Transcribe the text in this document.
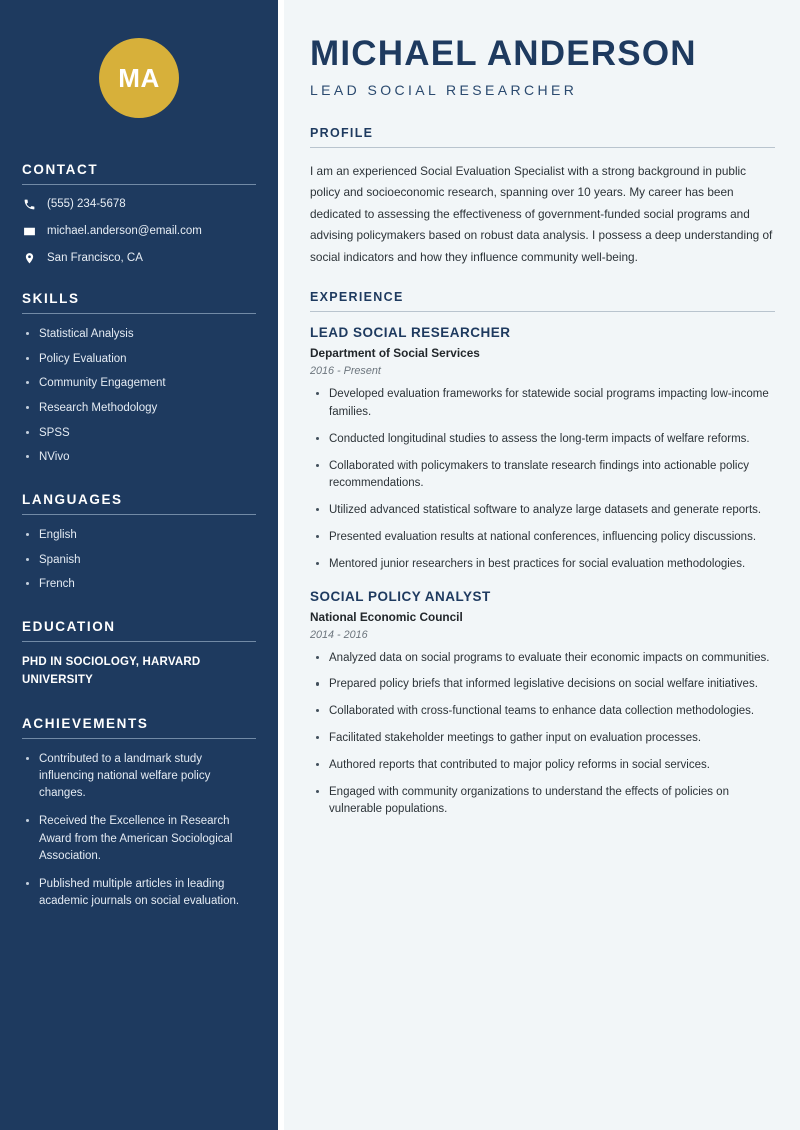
MA
CONTACT
(555) 234-5678
michael.anderson@email.com
San Francisco, CA
SKILLS
Statistical Analysis
Policy Evaluation
Community Engagement
Research Methodology
SPSS
NVivo
LANGUAGES
English
Spanish
French
EDUCATION
PHD IN SOCIOLOGY, HARVARD UNIVERSITY
ACHIEVEMENTS
Contributed to a landmark study influencing national welfare policy changes.
Received the Excellence in Research Award from the American Sociological Association.
Published multiple articles in leading academic journals on social evaluation.
MICHAEL ANDERSON
LEAD SOCIAL RESEARCHER
PROFILE

I am an experienced Social Evaluation Specialist with a strong background in public policy and socioeconomic research, spanning over 10 years. My career has been dedicated to assessing the effectiveness of government-funded social programs and advising policymakers based on robust data analysis. I possess a deep understanding of social indicators and how they influence community well-being.

EXPERIENCE
LEAD SOCIAL RESEARCHER
Department of Social Services
2016 - Present
Developed evaluation frameworks for statewide social programs impacting low-income families.
Conducted longitudinal studies to assess the long-term impacts of welfare reforms.
Collaborated with policymakers to translate research findings into actionable policy recommendations.
Utilized advanced statistical software to analyze large datasets and generate reports.
Presented evaluation results at national conferences, influencing policy discussions.
Mentored junior researchers in best practices for social evaluation methodologies.
SOCIAL POLICY ANALYST
National Economic Council
2014 - 2016
Analyzed data on social programs to evaluate their economic impacts on communities.
Prepared policy briefs that informed legislative decisions on social welfare initiatives.
Collaborated with cross-functional teams to enhance data collection methodologies.
Facilitated stakeholder meetings to gather input on evaluation processes.
Authored reports that contributed to major policy reforms in social services.
Engaged with community organizations to understand the effects of policies on vulnerable populations.
